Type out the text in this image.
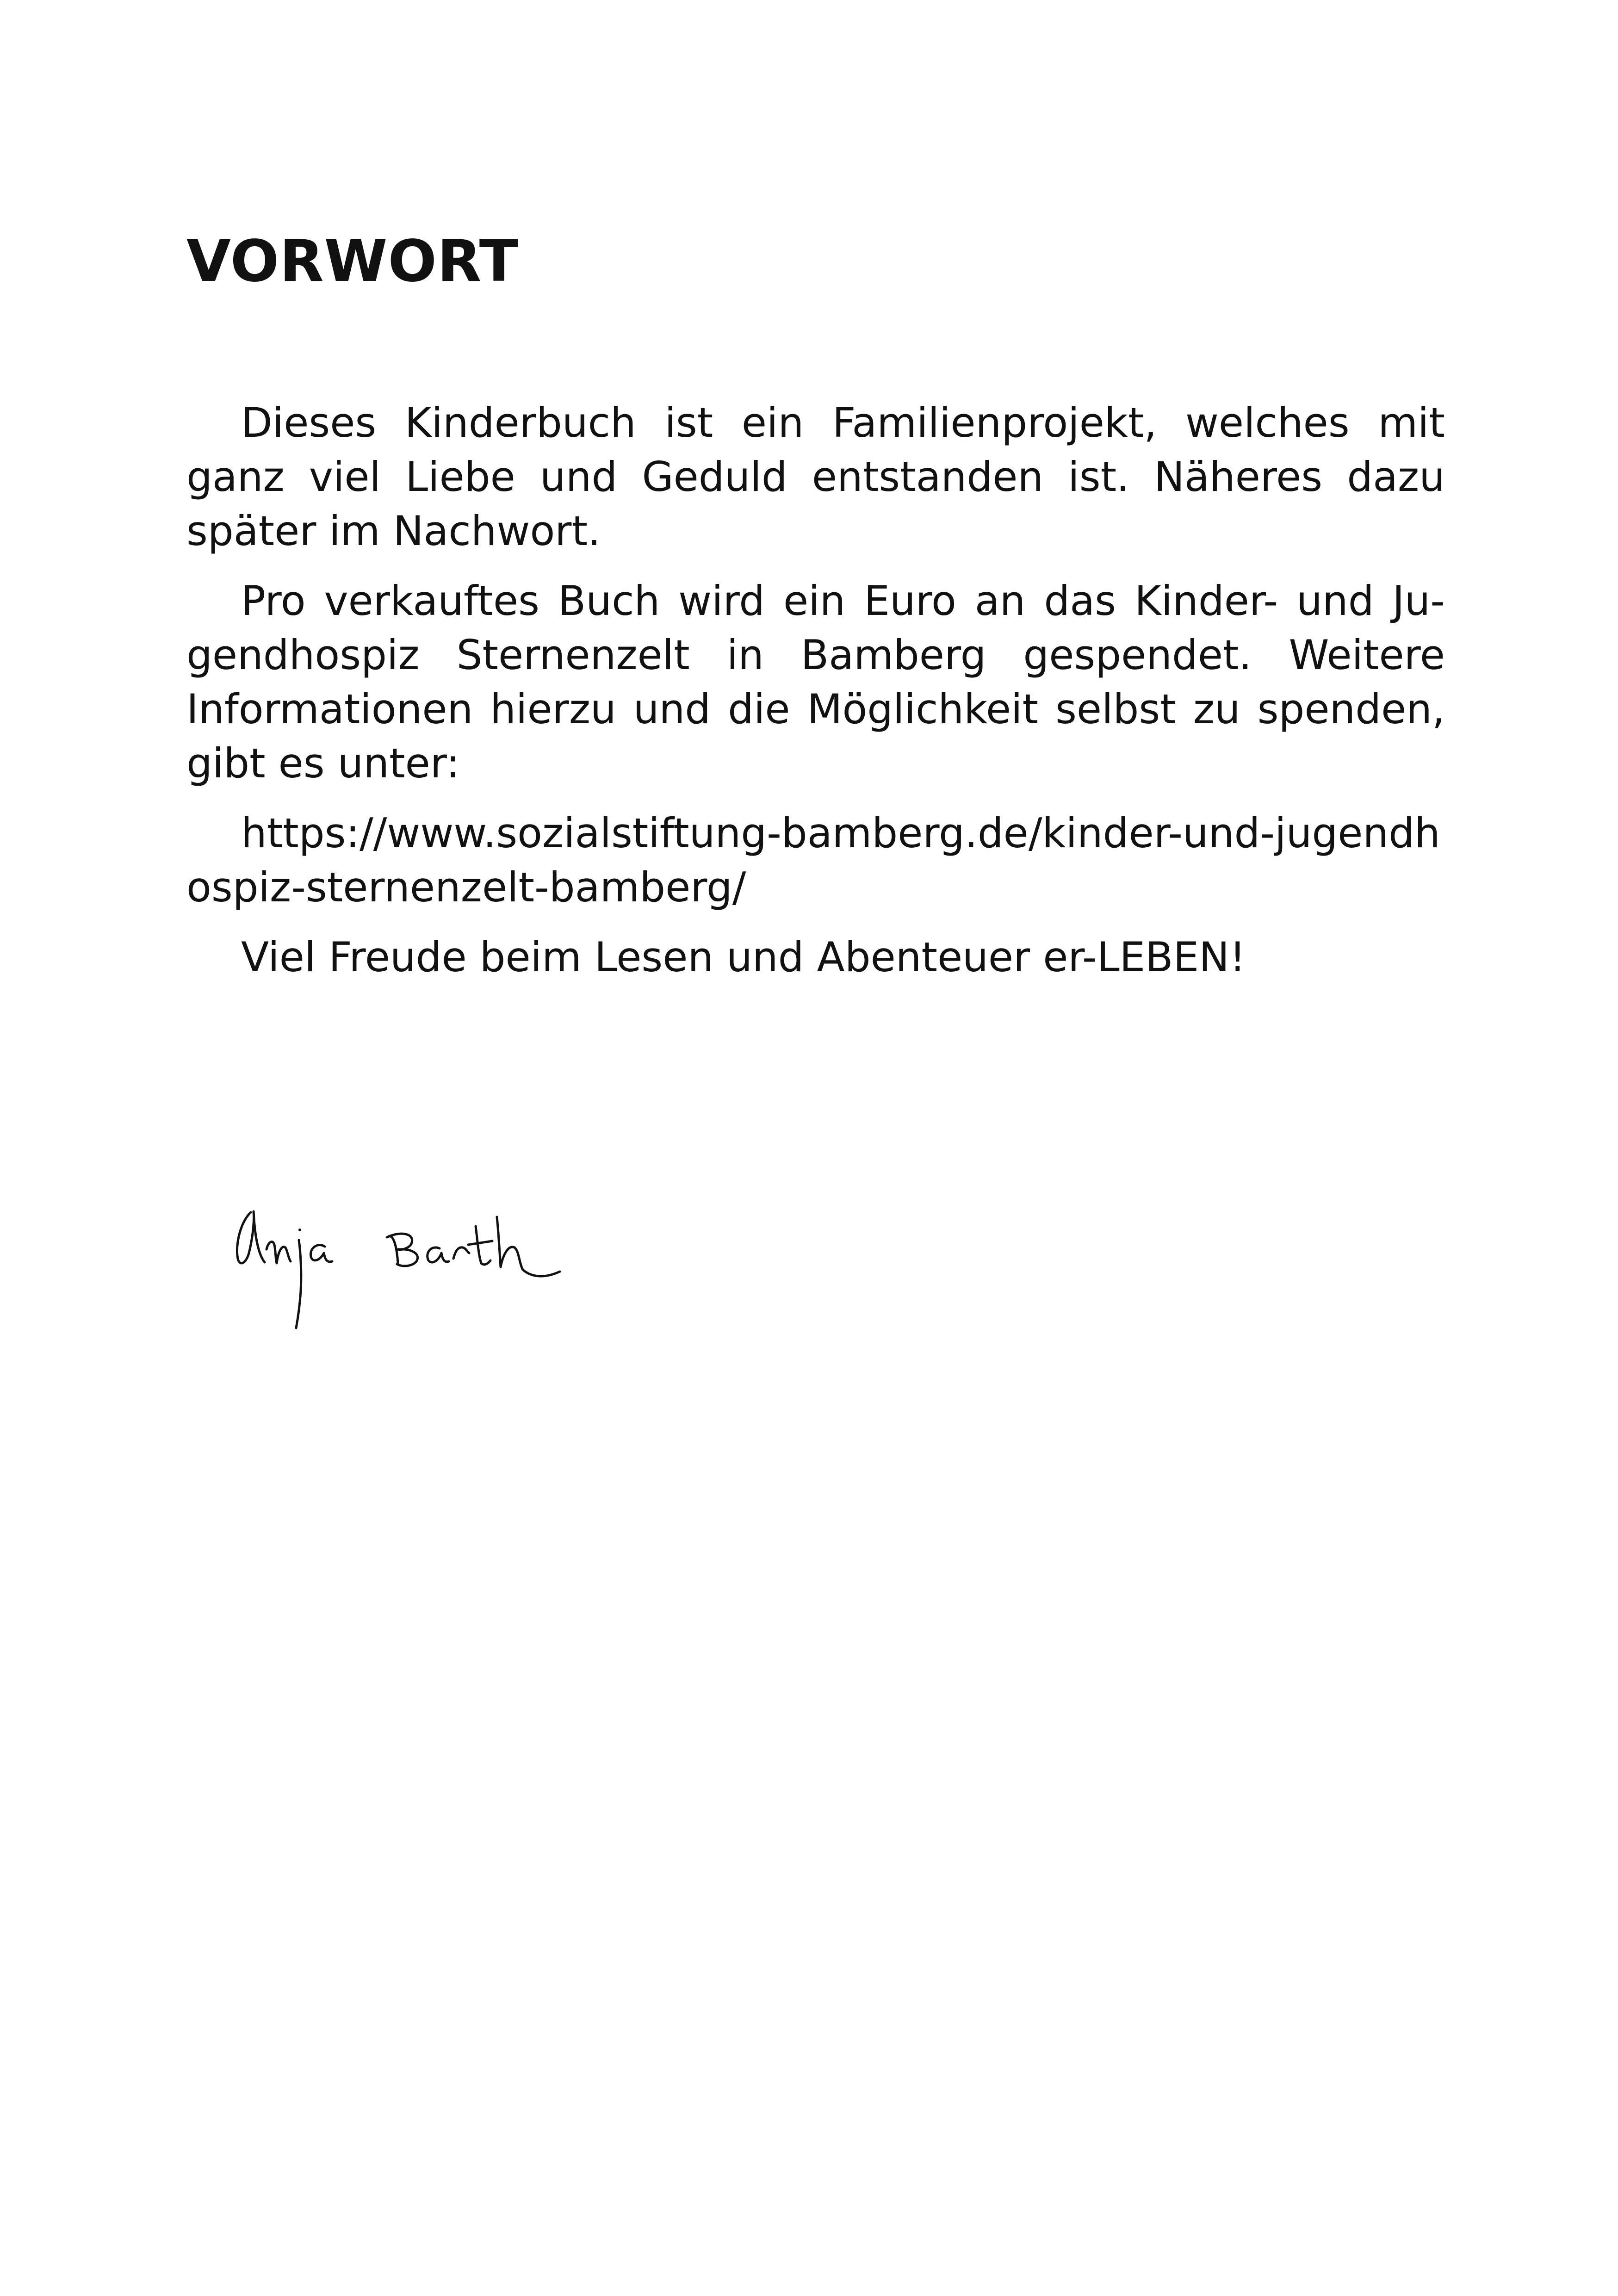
VORWORT

Dieses Kinderbuch ist ein Familienprojekt, welches mit ganz viel Liebe und Geduld entstanden ist. Näheres dazu später im Nachwort.

Pro verkauftes Buch wird ein Euro an das Kinder- und Jugendhospiz Sternenzelt in Bamberg gespendet. Weitere Informationen hierzu und die Möglichkeit selbst zu spenden, gibt es unter:

https://www.sozialstiftung-bamberg.de/kinder-und-jugendhospiz-sternenzelt-bamberg/

Viel Freude beim Lesen und Abenteuer er-LEBEN!
